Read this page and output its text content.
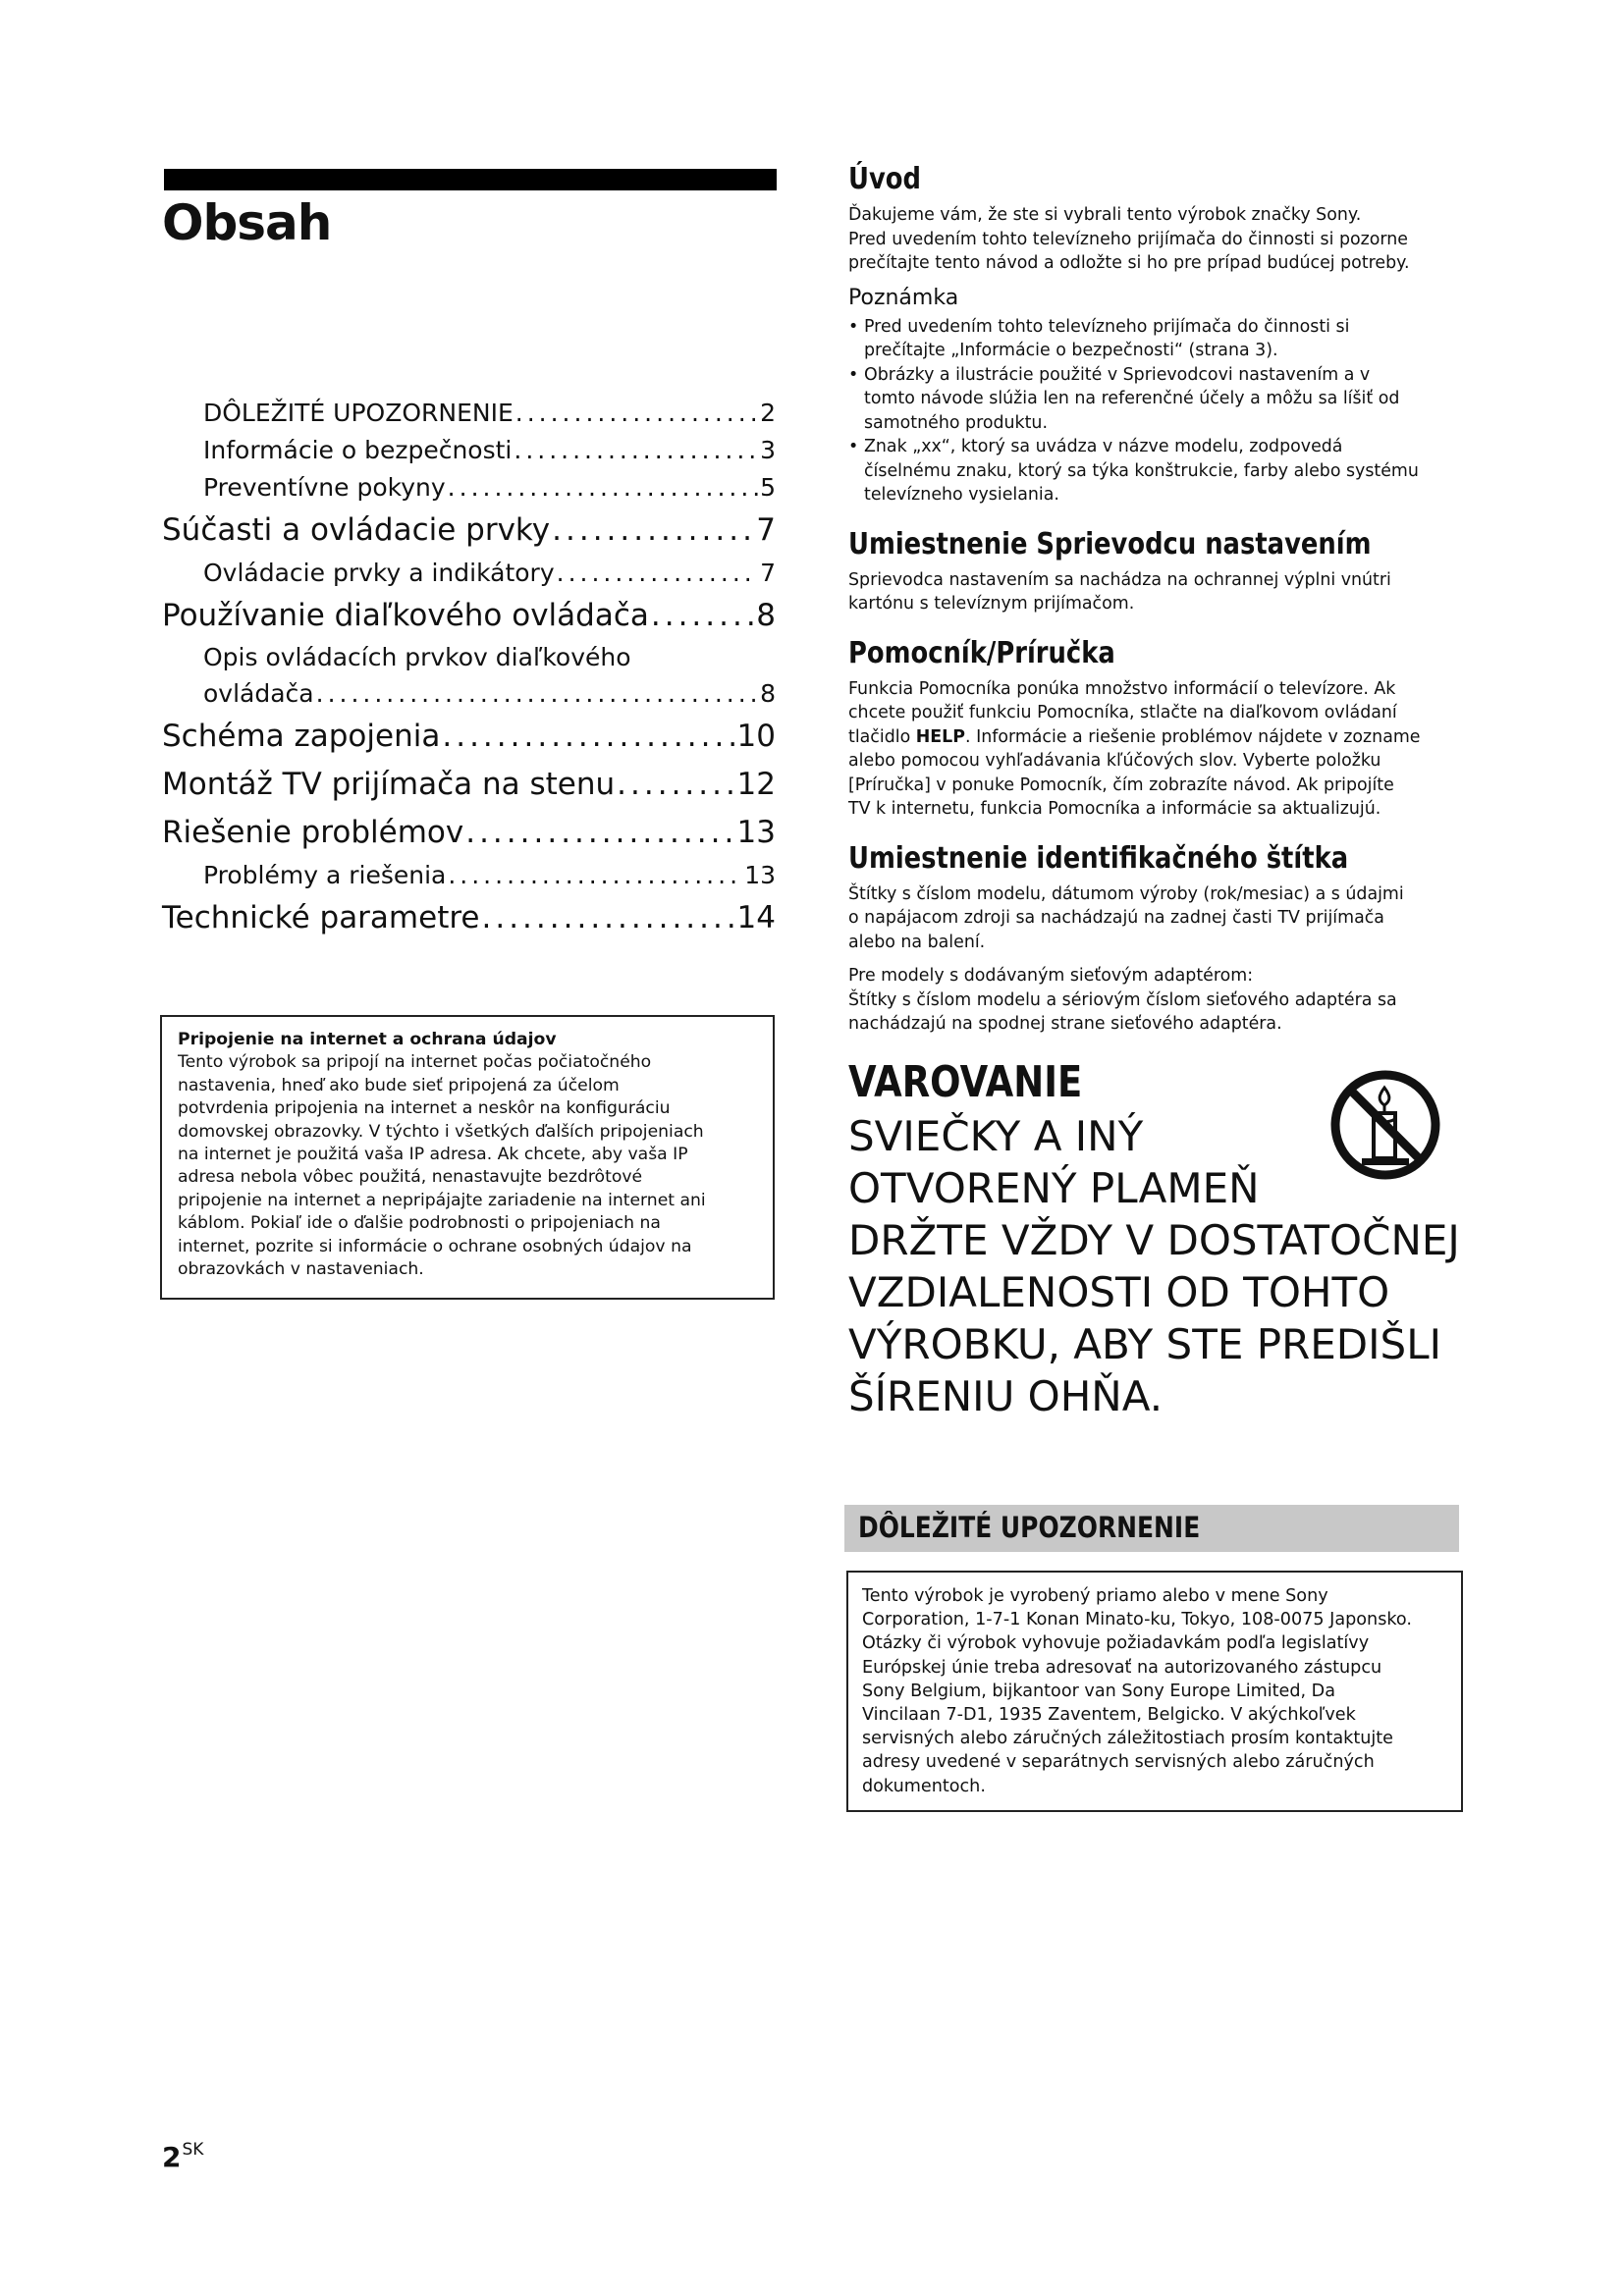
Obsah
DÔLEŽITÉ UPOZORNENIE .....	2
Informácie o bezpečnosti .....	3
Preventívne pokyny .....	5
Súčasti a ovládacie prvky .....	7
Ovládacie prvky a indikátory .....	7
Používanie diaľkového ovládača .....	8
Opis ovládacích prvkov diaľkového
ovládača .....	8
Schéma zapojenia .....	10
Montáž TV prijímača na stenu .....	12
Riešenie problémov .....	13
Problémy a riešenia .....	13
Technické parametre .....	14
Pripojenie na internet a ochrana údajov
Tento výrobok sa pripojí na internet počas počiatočného
nastavenia, hneď ako bude sieť pripojená za účelom
potvrdenia pripojenia na internet a neskôr na konfiguráciu
domovskej obrazovky. V týchto i všetkých ďalších pripojeniach
na internet je použitá vaša IP adresa. Ak chcete, aby vaša IP
adresa nebola vôbec použitá, nenastavujte bezdrôtové
pripojenie na internet a nepripájajte zariadenie na internet ani
káblom. Pokiaľ ide o ďalšie podrobnosti o pripojeniach na
internet, pozrite si informácie o ochrane osobných údajov na
obrazovkách v nastaveniach.
Úvod
Ďakujeme vám, že ste si vybrali tento výrobok značky Sony.
Pred uvedením tohto televízneho prijímača do činnosti si pozorne
prečítajte tento návod a odložte si ho pre prípad budúcej potreby.
Poznámka
• Pred uvedením tohto televízneho prijímača do činnosti si
prečítajte „Informácie o bezpečnosti“ (strana 3).
• Obrázky a ilustrácie použité v Sprievodcovi nastavením a v
tomto návode slúžia len na referenčné účely a môžu sa líšiť od
samotného produktu.
• Znak „xx“, ktorý sa uvádza v názve modelu, zodpovedá
číselnému znaku, ktorý sa týka konštrukcie, farby alebo systému
televízneho vysielania.
Umiestnenie Sprievodcu nastavením
Sprievodca nastavením sa nachádza na ochrannej výplni vnútri
kartónu s televíznym prijímačom.
Pomocník/Príručka
Funkcia Pomocníka ponúka množstvo informácií o televízore. Ak
chcete použiť funkciu Pomocníka, stlačte na diaľkovom ovládaní
tlačidlo HELP. Informácie a riešenie problémov nájdete v zozname
alebo pomocou vyhľadávania kľúčových slov. Vyberte položku
[Príručka] v ponuke Pomocník, čím zobrazíte návod. Ak pripojíte
TV k internetu, funkcia Pomocníka a informácie sa aktualizujú.
Umiestnenie identifikačného štítka
Štítky s číslom modelu, dátumom výroby (rok/mesiac) a s údajmi
o napájacom zdroji sa nachádzajú na zadnej časti TV prijímača
alebo na balení.
Pre modely s dodávaným sieťovým adaptérom:
Štítky s číslom modelu a sériovým číslom sieťového adaptéra sa
nachádzajú na spodnej strane sieťového adaptéra.
VAROVANIE
SVIEČKY A INÝ
OTVORENÝ PLAMEŇ
DRŽTE VŽDY V DOSTATOČNEJ
VZDIALENOSTI OD TOHTO
VÝROBKU, ABY STE PREDIŠLI
ŠÍRENIU OHŇA.
DÔLEŽITÉ UPOZORNENIE
Tento výrobok je vyrobený priamo alebo v mene Sony
Corporation, 1-7-1 Konan Minato-ku, Tokyo, 108-0075 Japonsko.
Otázky či výrobok vyhovuje požiadavkám podľa legislatívy
Európskej únie treba adresovať na autorizovaného zástupcu
Sony Belgium, bijkantoor van Sony Europe Limited, Da
Vincilaan 7-D1, 1935 Zaventem, Belgicko. V akýchkoľvek
servisných alebo záručných záležitostiach prosím kontaktujte
adresy uvedené v separátnych servisných alebo záručných
dokumentoch.
$2^{SK}$
